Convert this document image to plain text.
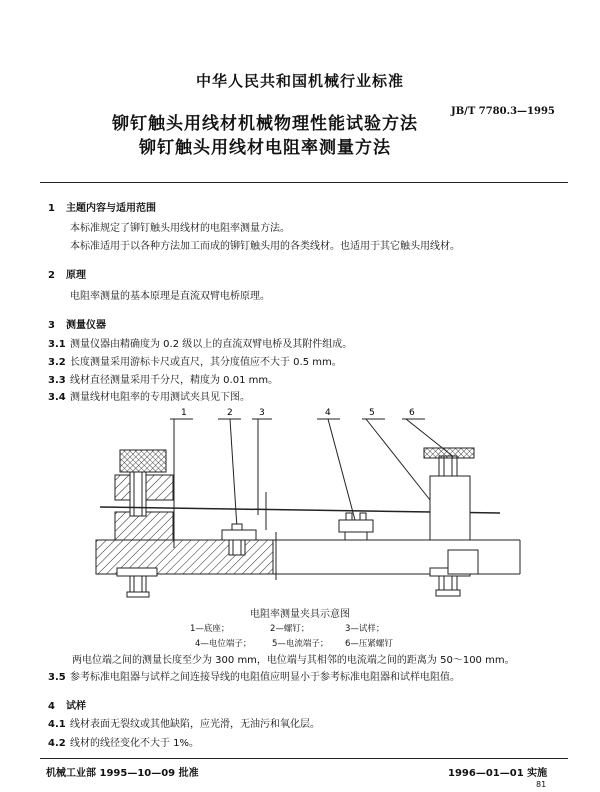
中华人民共和国机械行业标准
铆钉触头用线材机械物理性能试验方法
铆钉触头用线材电阻率测量方法
JB/T 7780.3—1995
1 主题内容与适用范围
本标准规定了铆钉触头用线材的电阻率测量方法。
本标准适用于以各种方法加工而成的铆钉触头用的各类线材。也适用于其它触头用线材。
2 原理
电阻率测量的基本原理是直流双臂电桥原理。
3 测量仪器
3.1 测量仪器由精确度为 0.2 级以上的直流双臂电桥及其附件组成。
3.2 长度测量采用游标卡尺或直尺，其分度值应不大于 0.5 mm。
3.3 线材直径测量采用千分尺，精度为 0.01 mm。
3.4 测量线材电阻率的专用测试夹具见下图。
1	2	3	4	5	6
电阻率测量夹具示意图
1—底座；	2—螺钉；	3—试样；
4—电位端子； 5—电流端子； 6—压紧螺钉
两电位端之间的测量长度至少为 300 mm，电位端与其相邻的电流端之间的距离为 50～100 mm。
3.5 参考标准电阻器与试样之间连接导线的电阻值应明显小于参考标准电阻器和试样电阻值。
4 试样
4.1 线材表面无裂纹或其他缺陷，应光滑，无油污和氧化层。
4.2 线材的线径变化不大于 1%。
机械工业部 1995—10—09 批准	1996—01—01 实施
81
